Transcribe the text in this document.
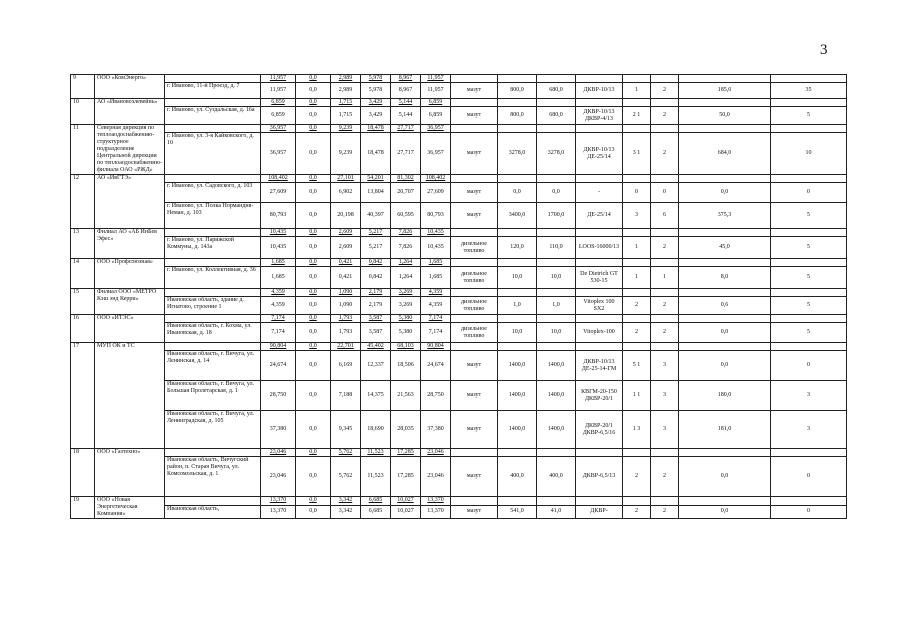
3
9	ООО «КомЭнерго»		11,957	0,0	2,989	5,978	8,967	11,957								
		г. Иваново, 11-й Проезд, д. 7	11,957	0,0	2,989	5,978	8,967	11,957	мазут	800,0	680,0	ДКВР-10/13	1	2	185,0	35
10	АО «Ивановоэлевейнь»		6,859	0,0	1,715	3,429	5,144	6,859								
		г. Иваново, ул. Суздальская, д. 16а	6,859	0,0	1,715	3,429	5,144	6,859	мазут	800,0	680,0	ДКВР-10/13 ДКВР-4/13	2 1	2	50,0	5
11	Северная дирекция по теплоаодоснабжению-структурное подразделение Центральной дирекции по теплоаодоснабжению-филиала ОАО «РЖД»		36,957	0,0	9,239	18,478	27,717	36,957								
		г. Иваново, ул. 3-я Кайковского, д. 10	36,957	0,0	9,239	18,478	27,717	36,957	мазут	3278,0	3278,0	ДКВР-10/13 ДЕ-25/14	3 1	2	684,0	10
12	АО «ИвГТЭ»		108,402	0,0	27,101	54,201	81,302	108,402								
		г. Иваново, ул. Садовского, д. 103	27,609	0,0	6,902	13,804	20,707	27,609	мазут	0,0	0,0	-	0	0	0,0	0
		г. Иваново, ул. Полка Нормандия-Неман, д. 103	80,793	0,0	20,198	40,397	60,595	80,793	мазут	3400,0	1700,0	ДЕ-25/14	3	6	375,3	5
13	Филиал АО «АБ ИнБев Эфес»		10,435	0,0	2,609	5,217	7,826	10,435								
		г. Иваново, ул. Парижской Коммуны, д. 143а	10,435	0,0	2,609	5,217	7,826	10,435	дизельное топливо	120,0	110,0	LOOS-16000/13	1	2	45,0	5
14	ООО «Профсоюзная»		1,685	0,0	0,421	0,842	1,264	1,685								
		г. Иваново, ул. Коллективная, д. 36	1,685	0,0	0,421	0,842	1,264	1,685	дизельное топливо	10,0	10,0	De Dietrich GT 530-15	1	1	8,0	5
15	Филиал ООО «МЕТРО Кэш энд Керри»		4,359	0,0	1,090	2,179	3,269	4,359								
		Ивановская область, здание д. Игнатово, строение 1	4,359	0,0	1,090	2,179	3,269	4,359	дизельное топливо	1,0	1,0	Vitoplex 100 SX2	2	2	0,6	5
16	ООО «ИТЭС»		7,174	0,0	1,793	3,587	5,380	7,174								
		Ивановская область, г. Кохма, ул. Ивановская, д. 18	7,174	0,0	1,793	3,587	5,380	7,174	дизельное топливо	10,0	10,0	Vitoplex-100	2	2	0,0	5
17	МУП ОК и ТС		90,804	0,0	22,701	45,402	68,103	90,804								
		Ивановская область, г. Вичуга, ул. Ленинская, д. 14	24,674	0,0	6,169	12,337	18,506	24,674	мазут	1400,0	1400,0	ДКВР-10/13 ДЕ-25-14-ГМ	5 1	3	0,0	0
		Ивановская область, г. Вичуга, ул. Большая Пролетарская, д. 1	28,750	0,0	7,188	14,375	21,563	28,750	мазут	1400,0	1400,0	КВГМ-20-150 ДКВР-20/1	1 1	3	180,0	3
		Ивановская область, г. Вичуга, ул. Ленинградская, д. 105	37,380	0,0	9,345	18,690	28,035	37,380	мазут	1400,0	1400,0	ДКВР-20/1 ДКВР-6,5/16	1 3	3	181,0	3
18	ООО «Газтехно»		23,046	0,0	5,762	11,523	17,285	23,046								
		Ивановская область, Вичугский район, п. Старая Вичуга, ул. Комсомольская, д. 1	23,046	0,0	5,762	11,523	17,285	23,046	мазут	400,0	400,0	ДКВР-6,5/13	2	2	0,0	0
19	ООО «Новая Энергетическая Компания»		13,370	0,0	3,342	6,685	10,027	13,370								
		Ивановская область,	13,370	0,0	3,342	6,685	10,027	13,370	мазут	541,0	41,0	ДКВР-	2	2	0,0	0
